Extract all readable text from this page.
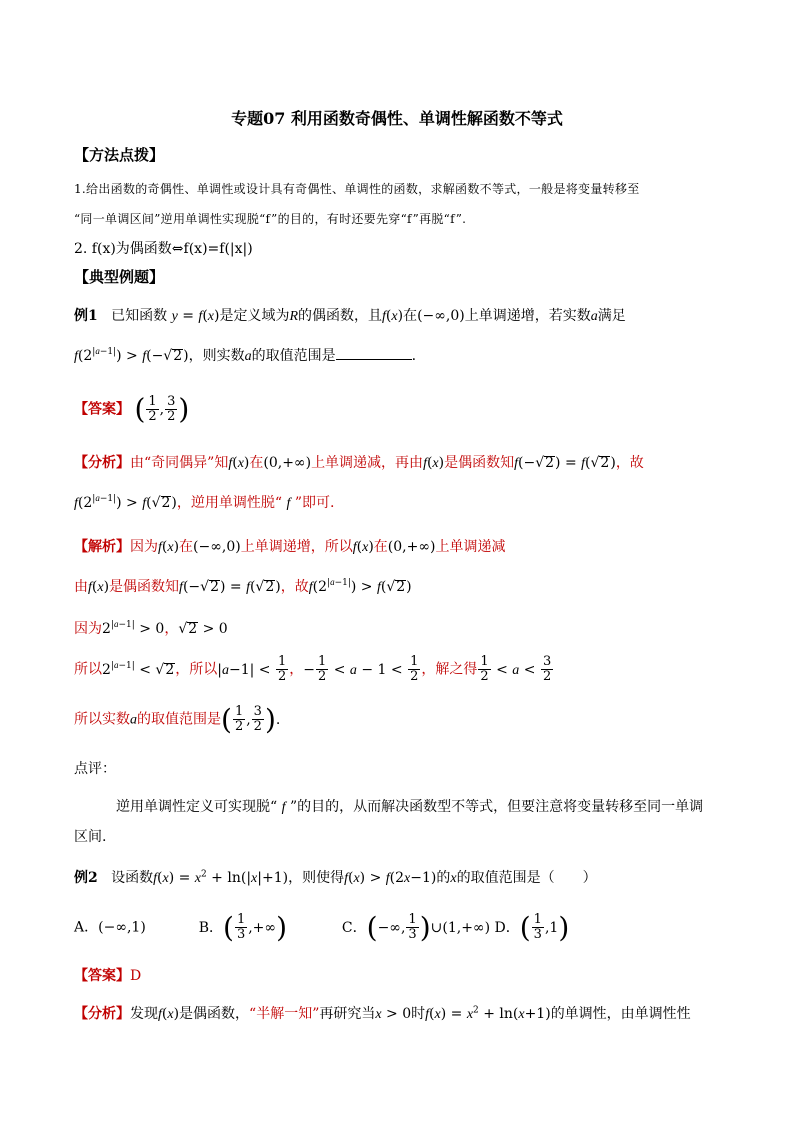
专题07 利用函数奇偶性、单调性解函数不等式
【方法点拨】
1.给出函数的奇偶性、单调性或设计具有奇偶性、单调性的函数，求解函数不等式，一般是将变量转移至
“同一单调区间”逆用单调性实现脱“f”的目的，有时还要先穿“f”再脱“f”.
2. f(x)为偶函数⇔f(x)=f(|x|)
【典型例题】
例1 已知函数 y = f(x)是定义域为R的偶函数，且f(x)在(−∞,0)上单调递增，若实数a满足
$f(2^{|a-1|}) > f(-√2)$，则实数a的取值范围是	.
【答案】 ( $\frac{1}{2}$ , $\frac{3}{2}$ )
【分析】由“奇同偶异”知f(x)在(0,+∞)上单调递减，再由f(x)是偶函数知f(−√2) = f(√2)，故
$f(2^{|a-1|}) > f(√2)$，逆用单调性脱“ f ”即可.
【解析】因为f(x)在(−∞,0)上单调递增，所以f(x)在(0,+∞)上单调递减
由f(x)是偶函数知f(−√2) = f(√2)，故$f(2^{|a-1|}) > f(√2)$
因为$2^{|a-1|} > 0$，√2 > 0
所以$2^{|a-1|} < √2$，所以$|a-1| < \frac{1}{2}$ ，− $\frac{1}{2} < a - 1 < \frac{1}{2}$ ，解之得 $\frac{1}{2} < a < \frac{3}{2}$
所以实数a的取值范围是( $\frac{1}{2}$ , $\frac{3}{2}$ ).
点评：
逆用单调性定义可实现脱“ f ”的目的，从而解决函数型不等式，但要注意将变量转移至同一单调
区间.
例2 设函数$f(x) = x^2 + \ln(|x|+1)$，则使得f(x) > f(2x−1)的x的取值范围是（　　）
A．(−∞,1)	B．( $\frac{1}{3}$ ,+∞)	C．(−∞, $\frac{1}{3}$ )∪(1,+∞) D．( $\frac{1}{3} ,1$)
【答案】D
【分析】发现f(x)是偶函数，“半解一知”再研究当x > 0时$f(x) = x^2 + \ln(x+1)$的单调性，由单调性性
